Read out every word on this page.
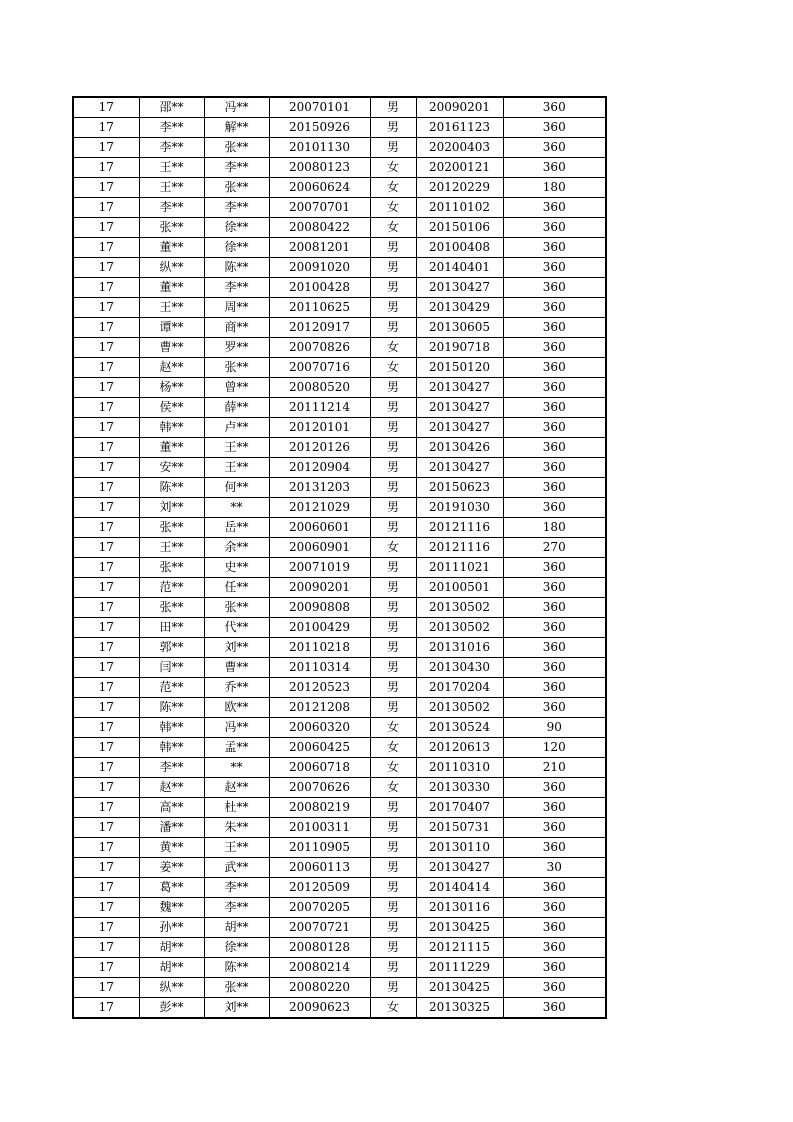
17	邵**	冯**	20070101	男	20090201	360
17	李**	解**	20150926	男	20161123	360
17	李**	张**	20101130	男	20200403	360
17	王**	李**	20080123	女	20200121	360
17	王**	张**	20060624	女	20120229	180
17	李**	李**	20070701	女	20110102	360
17	张**	徐**	20080422	女	20150106	360
17	董**	徐**	20081201	男	20100408	360
17	纵**	陈**	20091020	男	20140401	360
17	董**	李**	20100428	男	20130427	360
17	王**	周**	20110625	男	20130429	360
17	谭**	商**	20120917	男	20130605	360
17	曹**	罗**	20070826	女	20190718	360
17	赵**	张**	20070716	女	20150120	360
17	杨**	曾**	20080520	男	20130427	360
17	侯**	薛**	20111214	男	20130427	360
17	韩**	卢**	20120101	男	20130427	360
17	董**	王**	20120126	男	20130426	360
17	安**	王**	20120904	男	20130427	360
17	陈**	何**	20131203	男	20150623	360
17	刘**	**	20121029	男	20191030	360
17	张**	岳**	20060601	男	20121116	180
17	王**	余**	20060901	女	20121116	270
17	张**	史**	20071019	男	20111021	360
17	范**	任**	20090201	男	20100501	360
17	张**	张**	20090808	男	20130502	360
17	田**	代**	20100429	男	20130502	360
17	郭**	刘**	20110218	男	20131016	360
17	闫**	曹**	20110314	男	20130430	360
17	范**	乔**	20120523	男	20170204	360
17	陈**	欧**	20121208	男	20130502	360
17	韩**	冯**	20060320	女	20130524	90
17	韩**	孟**	20060425	女	20120613	120
17	李**	**	20060718	女	20110310	210
17	赵**	赵**	20070626	女	20130330	360
17	高**	杜**	20080219	男	20170407	360
17	潘**	朱**	20100311	男	20150731	360
17	黄**	王**	20110905	男	20130110	360
17	姜**	武**	20060113	男	20130427	30
17	葛**	李**	20120509	男	20140414	360
17	魏**	李**	20070205	男	20130116	360
17	孙**	胡**	20070721	男	20130425	360
17	胡**	徐**	20080128	男	20121115	360
17	胡**	陈**	20080214	男	20111229	360
17	纵**	张**	20080220	男	20130425	360
17	彭**	刘**	20090623	女	20130325	360
